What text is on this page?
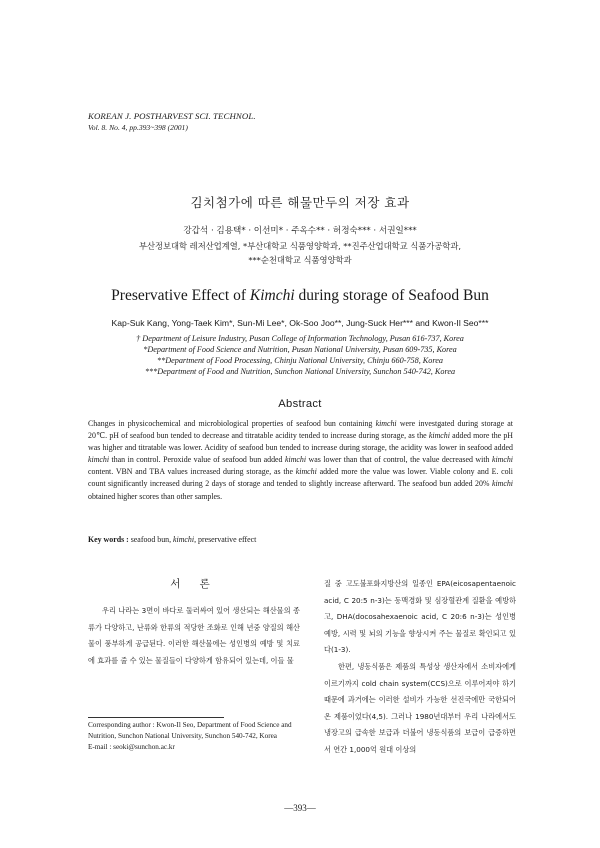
KOREAN J. POSTHARVEST SCI. TECHNOL.
Vol. 8. No. 4, pp.393~398 (2001)
김치첨가에 따른 해물만두의 저장 효과
강갑석 · 김용택* · 이선미* · 주옥수** · 허정숙*** · 서권일***
부산정보대학 레저산업계열, *부산대학교 식품영양학과, **진주산업대학교 식품가공학과,
***순천대학교 식품영양학과
Preservative Effect of Kimchi during storage of Seafood Bun
Kap-Suk Kang, Yong-Taek Kim*, Sun-Mi Lee*, Ok-Soo Joo**, Jung-Suck Her*** and Kwon-Il Seo***
† Department of Leisure Industry, Pusan College of Information Technology, Pusan 616-737, Korea
*Department of Food Science and Nutrition, Pusan National University, Pusan 609-735, Korea
**Department of Food Processing, Chinju National University, Chinju 660-758, Korea
***Department of Food and Nutrition, Sunchon National University, Sunchon 540-742, Korea
Abstract
Changes in physicochemical and microbiological properties of seafood bun containing kimchi were investgated during storage at 20℃. pH of seafood bun tended to decrease and titratable acidity tended to increase during storage, as the kimchi added more the pH was higher and titratable was lower. Acidity of seafood bun tended to increase during storage, the acidity was lower in seafood added kimchi than in control. Peroxide value of seafood bun added kimchi was lower than that of control, the value decreased with kimchi content. VBN and TBA values increased during storage, as the kimchi added more the value was lower. Viable colony and E. coli count significantly increased during 2 days of storage and tended to slightly increase afterward. The seafood bun added 20% kimchi obtained higher scores than other samples.
Key words : seafood bun, kimchi, preservative effect
서 론

우리 나라는 3면이 바다로 둘러싸여 있어 생산되는 해산물의 종류가 다양하고, 난류와 한류의 적당한 조화로 인해 년중 양질의 해산물이 풍부하게 공급된다. 이러한 해산물에는 성인병의 예방 및 치료에 효과를 줄 수 있는 물질들이 다양하게 함유되어 있는데, 이들 물

질 중 고도불포화지방산의 일종인 EPA(eicosapentaenoic acid, C 20:5 n-3)는 동맥경화 및 심장혈관계 질환을 예방하고, DHA(docosahexaenoic acid, C 20:6 n-3)는 성인병 예방, 시력 및 뇌의 기능을 향상시켜 주는 물질로 확인되고 있다(1-3).

한편, 냉동식품은 제품의 특성상 생산자에서 소비자에게 이르기까지 cold chain system(CCS)으로 이루어져야 하기 때문에 과거에는 이러한 설비가 가능한 선진국에만 국한되어온 제품이었다(4,5). 그러나 1980년대부터 우리 나라에서도 냉장고의 급속한 보급과 더불어 냉동식품의 보급이 급증하면서 연간 1,000억 원대 이상의

Corresponding author : Kwon-Il Seo, Department of Food Science and Nutrition, Sunchon National University, Sunchon 540-742, Korea
E-mail : seoki@sunchon.ac.kr
—393—
